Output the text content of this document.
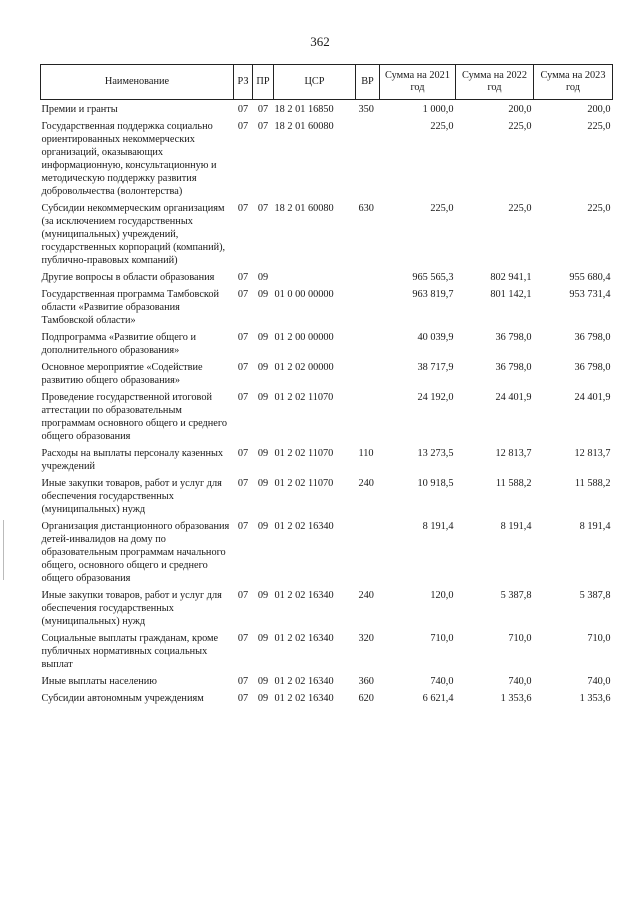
362
Наименование	РЗ	ПР	ЦСР	ВР	Сумма на 2021 год	Сумма на 2022 год	Сумма на 2023 год
Премии и гранты	07	07	18 2 01 16850	350	1 000,0	200,0	200,0
Государственная поддержка социально ориентированных некоммерческих организаций, оказывающих информационную, консультационную и методическую поддержку развития добровольчества (волонтерства)	07	07	18 2 01 60080		225,0	225,0	225,0
Субсидии некоммерческим организациям (за исключением государственных (муниципальных) учреждений, государственных корпораций (компаний), публично-правовых компаний)	07	07	18 2 01 60080	630	225,0	225,0	225,0
Другие вопросы в области образования	07	09			965 565,3	802 941,1	955 680,4
Государственная программа Тамбовской области «Развитие образования Тамбовской области»	07	09	01 0 00 00000		963 819,7	801 142,1	953 731,4
Подпрограмма «Развитие общего и дополнительного образования»	07	09	01 2 00 00000		40 039,9	36 798,0	36 798,0
Основное мероприятие «Содействие развитию общего образования»	07	09	01 2 02 00000		38 717,9	36 798,0	36 798,0
Проведение государственной итоговой аттестации по образовательным программам основного общего и среднего общего образования	07	09	01 2 02 11070		24 192,0	24 401,9	24 401,9
Расходы на выплаты персоналу казенных учреждений	07	09	01 2 02 11070	110	13 273,5	12 813,7	12 813,7
Иные закупки товаров, работ и услуг для обеспечения государственных (муниципальных) нужд	07	09	01 2 02 11070	240	10 918,5	11 588,2	11 588,2
Организация дистанционного образования детей-инвалидов на дому по образовательным программам начального общего, основного общего и среднего общего образования	07	09	01 2 02 16340		8 191,4	8 191,4	8 191,4
Иные закупки товаров, работ и услуг для обеспечения государственных (муниципальных) нужд	07	09	01 2 02 16340	240	120,0	5 387,8	5 387,8
Социальные выплаты гражданам, кроме публичных нормативных социальных выплат	07	09	01 2 02 16340	320	710,0	710,0	710,0
Иные выплаты населению	07	09	01 2 02 16340	360	740,0	740,0	740,0
Субсидии автономным учреждениям	07	09	01 2 02 16340	620	6 621,4	1 353,6	1 353,6
